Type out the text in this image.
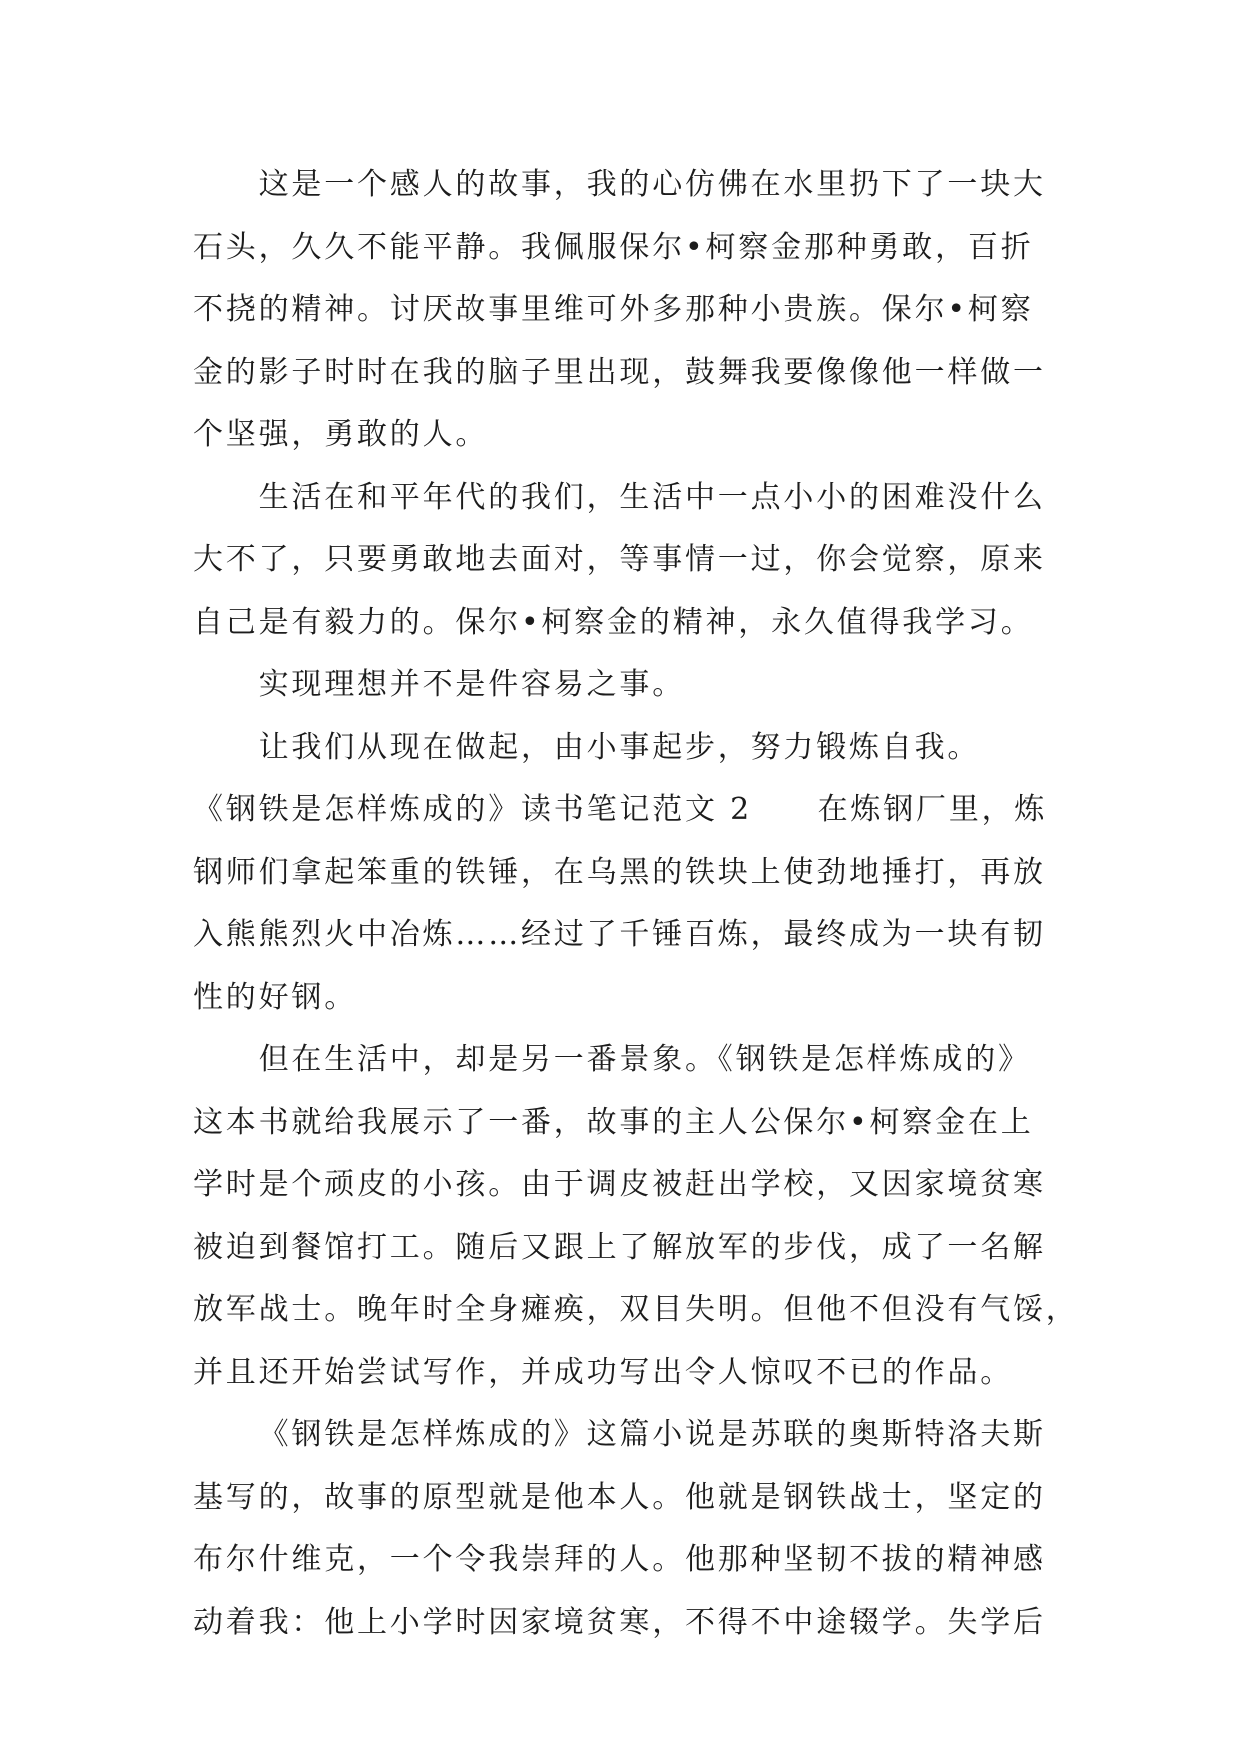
这是一个感人的故事，我的心仿佛在水里扔下了一块大
石头，久久不能平静。我佩服保尔•柯察金那种勇敢，百折
不挠的精神。讨厌故事里维可外多那种小贵族。保尔•柯察
金的影子时时在我的脑子里出现，鼓舞我要像像他一样做一
个坚强，勇敢的人。
生活在和平年代的我们，生活中一点小小的困难没什么
大不了，只要勇敢地去面对，等事情一过，你会觉察，原来
自己是有毅力的。保尔•柯察金的精神，永久值得我学习。
实现理想并不是件容易之事。
让我们从现在做起，由小事起步，努力锻炼自我。
《钢铁是怎样炼成的》读书笔记范文 2　　在炼钢厂里，炼
钢师们拿起笨重的铁锤，在乌黑的铁块上使劲地捶打，再放
入熊熊烈火中冶炼……经过了千锤百炼，最终成为一块有韧
性的好钢。
但在生活中，却是另一番景象。《钢铁是怎样炼成的》
这本书就给我展示了一番，故事的主人公保尔•柯察金在上
学时是个顽皮的小孩。由于调皮被赶出学校，又因家境贫寒
被迫到餐馆打工。随后又跟上了解放军的步伐，成了一名解
放军战士。晚年时全身瘫痪，双目失明。但他不但没有气馁，
并且还开始尝试写作，并成功写出令人惊叹不已的作品。
《钢铁是怎样炼成的》这篇小说是苏联的奥斯特洛夫斯
基写的，故事的原型就是他本人。他就是钢铁战士，坚定的
布尔什维克，一个令我崇拜的人。他那种坚韧不拔的精神感
动着我：他上小学时因家境贫寒，不得不中途辍学。失学后
